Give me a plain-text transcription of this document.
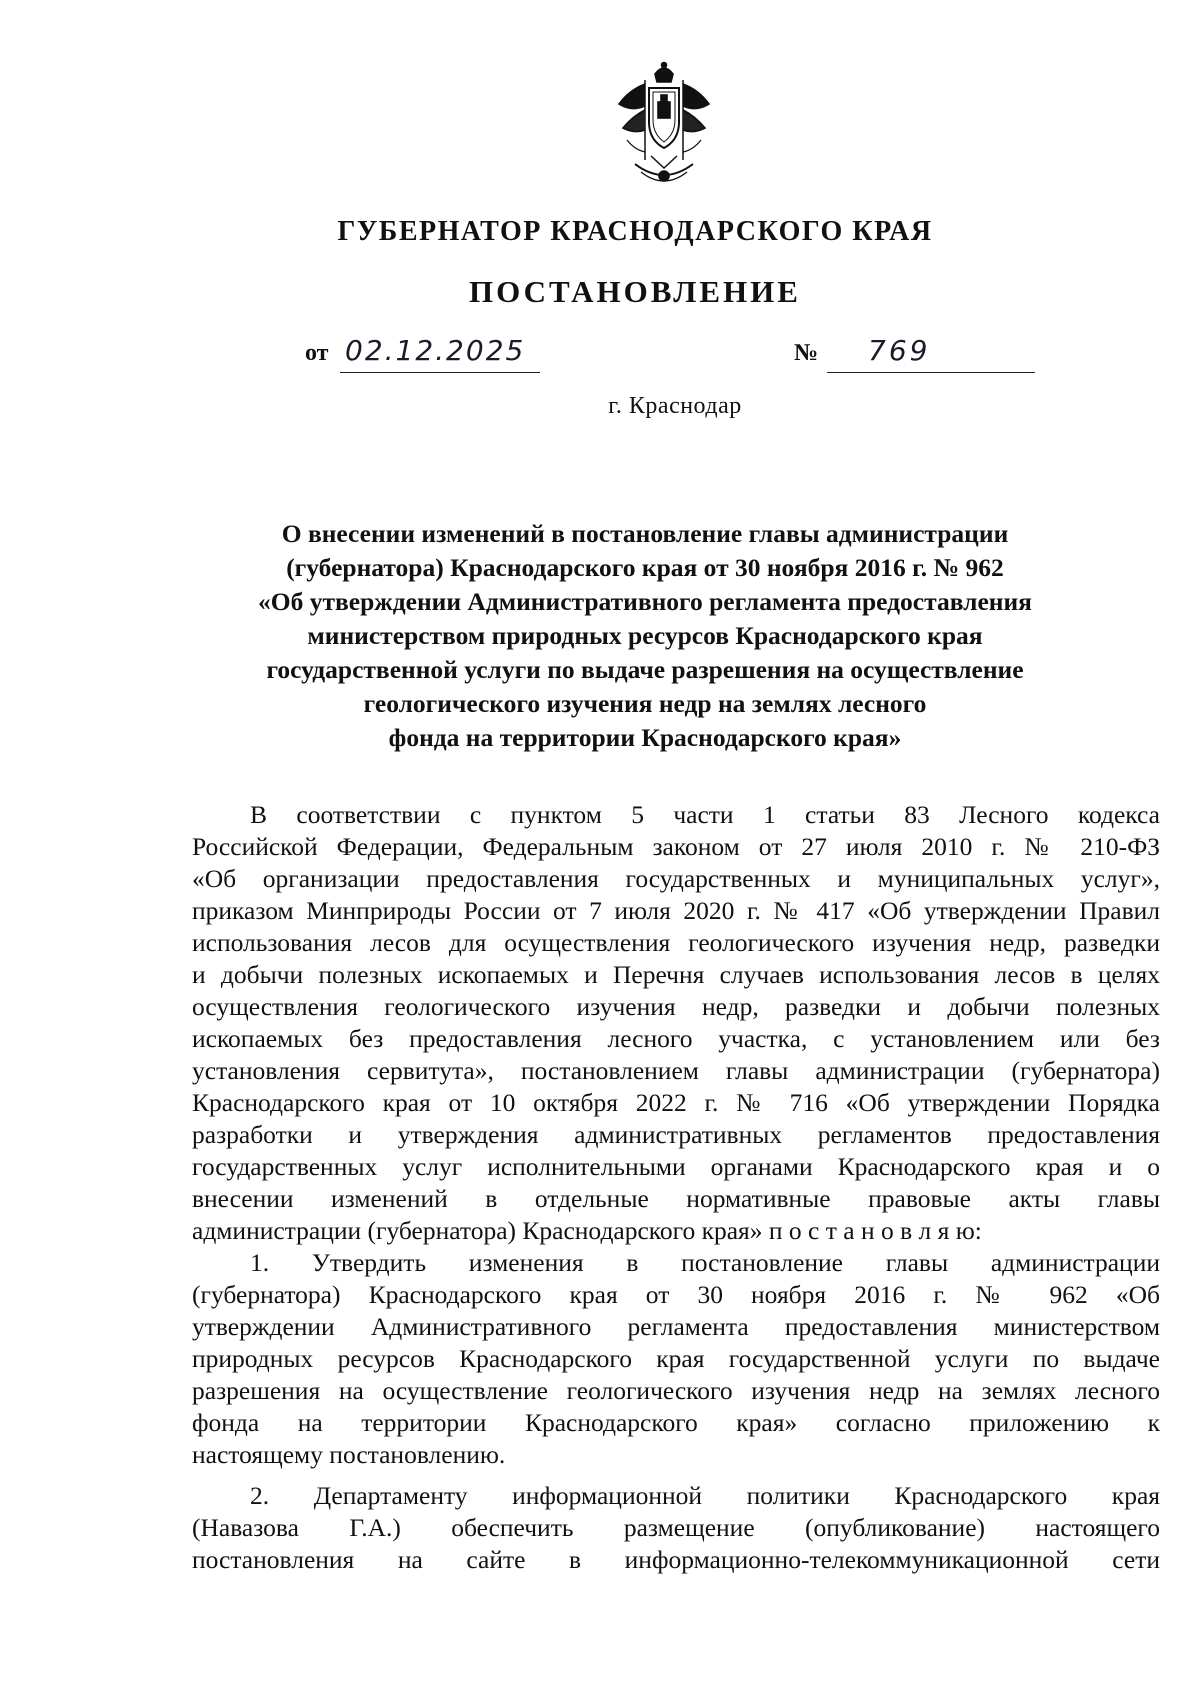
ГУБЕРНАТОР КРАСНОДАРСКОГО КРАЯ
ПОСТАНОВЛЕНИЕ
от 02.12.2025	№ 769
г. Краснодар
О внесении изменений в постановление главы администрации
(губернатора) Краснодарского края от 30 ноября 2016 г. № 962
«Об утверждении Административного регламента предоставления
министерством природных ресурсов Краснодарского края
государственной услуги по выдаче разрешения на осуществление
геологического изучения недр на землях лесного
фонда на территории Краснодарского края»
В соответствии с пунктом 5 части 1 статьи 83 Лесного кодекса
Российской Федерации, Федеральным законом от 27 июля 2010 г. № 210-ФЗ
«Об организации предоставления государственных и муниципальных услуг»,
приказом Минприроды России от 7 июля 2020 г. № 417 «Об утверждении Правил
использования лесов для осуществления геологического изучения недр, разведки
и добычи полезных ископаемых и Перечня случаев использования лесов в целях
осуществления геологического изучения недр, разведки и добычи полезных
ископаемых без предоставления лесного участка, с установлением или без
установления сервитута», постановлением главы администрации (губернатора)
Краснодарского края от 10 октября 2022 г. № 716 «Об утверждении Порядка
разработки и утверждения административных регламентов предоставления
государственных услуг исполнительными органами Краснодарского края и о
внесении изменений в отдельные нормативные правовые акты главы
администрации (губернатора) Краснодарского края» п о с т а н о в л я ю:
1. Утвердить изменения в постановление главы администрации
(губернатора) Краснодарского края от 30 ноября 2016 г. № 962 «Об
утверждении Административного регламента предоставления министерством
природных ресурсов Краснодарского края государственной услуги по выдаче
разрешения на осуществление геологического изучения недр на землях лесного
фонда на территории Краснодарского края» согласно приложению к
настоящему постановлению.
2. Департаменту информационной политики Краснодарского края
(Навазова Г.А.) обеспечить размещение (опубликование) настоящего
постановления на сайте в информационно-телекоммуникационной сети
